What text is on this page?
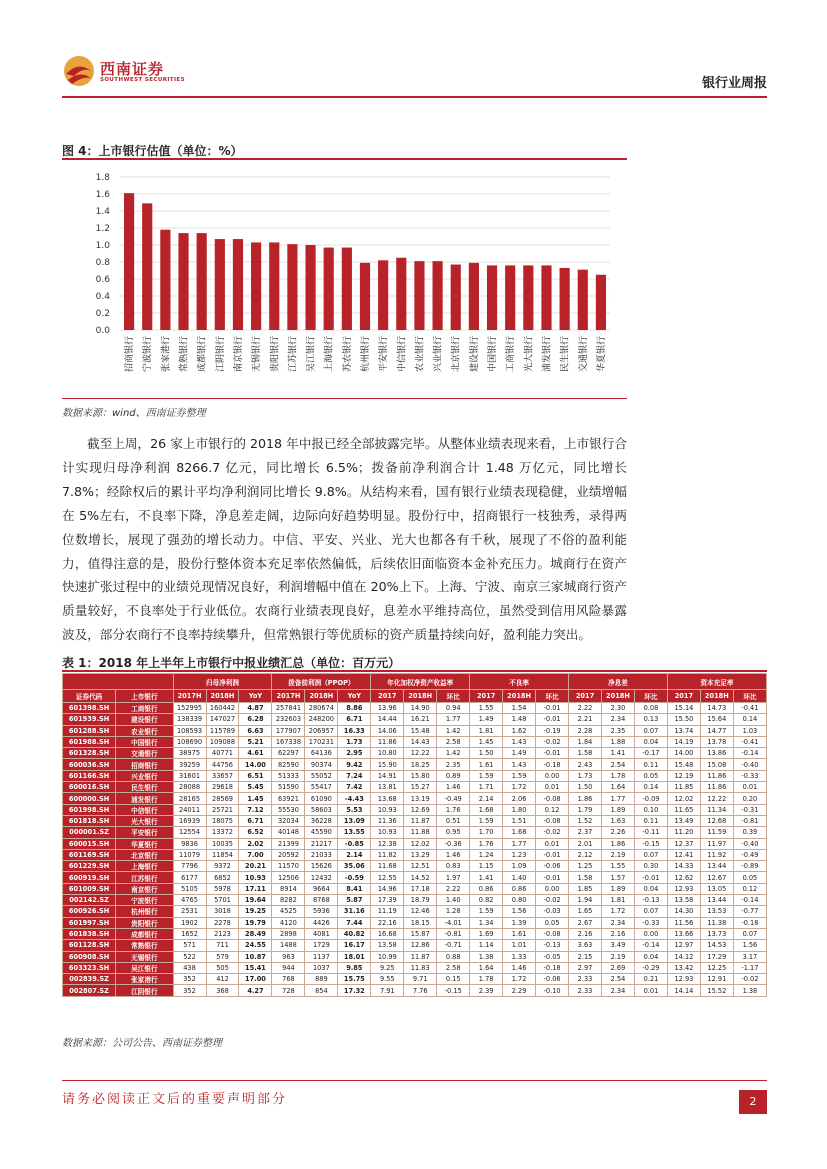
西南证券
SOUTHWEST SECURITIES	银行业周报
图 4：上市银行估值（单位：%）
0.0
0.2
0.4
0.6
0.8
1.0
1.2
1.4
1.6
1.8
招商银行 宁波银行 张家港行 常熟银行 成都银行 江阴银行 南京银行 无锡银行 贵阳银行 江苏银行 吴江银行 上海银行 苏农银行 杭州银行 平安银行 中信银行 农业银行 兴业银行 北京银行 建设银行 中国银行 工商银行 光大银行 浦发银行 民生银行 交通银行 华夏银行
数据来源：wind、西南证券整理

截至上周，26 家上市银行的 2018 年中报已经全部披露完毕。从整体业绩表现来看，上市银行合计实现归母净利润 8266.7 亿元，同比增长 6.5%；拨备前净利润合计 1.48 万亿元，同比增长 7.8%；经除权后的累计平均净利润同比增长 9.8%。从结构来看，国有银行业绩表现稳健，业绩增幅在 5%左右，不良率下降，净息差走阔，边际向好趋势明显。股份行中，招商银行一枝独秀，录得两位数增长，展现了强劲的增长动力。中信、平安、兴业、光大也都各有千秋，展现了不俗的盈利能力，值得注意的是，股份行整体资本充足率依然偏低，后续依旧面临资本金补充压力。城商行在资产快速扩张过程中的业绩兑现情况良好，利润增幅中值在 20%上下。上海、宁波、南京三家城商行资产质量较好，不良率处于行业低位。农商行业绩表现良好，息差水平维持高位，虽然受到信用风险暴露波及，部分农商行不良率持续攀升，但常熟银行等优质标的资产质量持续向好，盈利能力突出。

表 1：2018 年上半年上市银行中报业绩汇总（单位：百万元）
		归母净利润			拨备前利润（PPOP）			年化加权净资产收益率			不良率			净息差			资本充足率		
证券代码	上市银行	2017H	2018H	YoY	2017H	2018H	YoY	2017	2018H	环比	2017	2018H	环比	2017	2018H	环比	2017	2018H	环比
601398.SH	工商银行	152995	160442	4.87	257841	280674	8.86	13.96	14.90	0.94	1.55	1.54	-0.01	2.22	2.30	0.08	15.14	14.73	-0.41
601939.SH	建设银行	138339	147027	6.28	232603	248200	6.71	14.44	16.21	1.77	1.49	1.48	-0.01	2.21	2.34	0.13	15.50	15.64	0.14
601288.SH	农业银行	108593	115789	6.63	177907	206957	16.33	14.06	15.48	1.42	1.81	1.62	-0.19	2.28	2.35	0.07	13.74	14.77	1.03
601988.SH	中国银行	108690	109088	5.21	167338	170231	1.73	11.86	14.43	2.58	1.45	1.43	-0.02	1.84	1.88	0.04	14.19	13.78	-0.41
601328.SH	交通银行	38975	40771	4.61	62297	64136	2.95	10.80	12.22	1.42	1.50	1.49	-0.01	1.58	1.41	-0.17	14.00	13.86	-0.14
600036.SH	招商银行	39259	44756	14.00	82590	90374	9.42	15.90	18.25	2.35	1.61	1.43	-0.18	2.43	2.54	0.11	15.48	15.08	-0.40
601166.SH	兴业银行	31601	33657	6.51	51333	55052	7.24	14.91	15.80	0.89	1.59	1.59	0.00	1.73	1.78	0.05	12.19	11.86	-0.33
600016.SH	民生银行	28088	29618	5.45	51590	55417	7.42	13.81	15.27	1.46	1.71	1.72	0.01	1.50	1.64	0.14	11.85	11.86	0.01
600000.SH	浦发银行	28165	28569	1.45	63921	61090	-4.43	13.68	13.19	-0.49	2.14	2.06	-0.08	1.86	1.77	-0.09	12.02	12.22	0.20
601998.SH	中信银行	24011	25721	7.12	55530	58603	5.53	10.93	12.69	1.76	1.68	1.80	0.12	1.79	1.89	0.10	11.65	11.34	-0.31
601818.SH	光大银行	16939	18075	6.71	32034	36228	13.09	11.36	11.87	0.51	1.59	1.51	-0.08	1.52	1.63	0.11	13.49	12.68	-0.81
000001.SZ	平安银行	12554	13372	6.52	40148	45590	13.55	10.93	11.88	0.95	1.70	1.68	-0.02	2.37	2.26	-0.11	11.20	11.59	0.39
600015.SH	华夏银行	9836	10035	2.02	21399	21217	-0.85	12.38	12.02	-0.36	1.76	1.77	0.01	2.01	1.86	-0.15	12.37	11.97	-0.40
601169.SH	北京银行	11079	11854	7.00	20592	21033	2.14	11.82	13.29	1.46	1.24	1.23	-0.01	2.12	2.19	0.07	12.41	11.92	-0.49
601229.SH	上海银行	7796	9372	20.21	11570	15626	35.06	11.68	12.51	0.83	1.15	1.09	-0.06	1.25	1.55	0.30	14.33	13.44	-0.89
600919.SH	江苏银行	6177	6852	10.93	12506	12432	-0.59	12.55	14.52	1.97	1.41	1.40	-0.01	1.58	1.57	-0.01	12.62	12.67	0.05
601009.SH	南京银行	5105	5978	17.11	8914	9664	8.41	14.96	17.18	2.22	0.86	0.86	0.00	1.85	1.89	0.04	12.93	13.05	0.12
002142.SZ	宁波银行	4765	5701	19.64	8282	8768	5.87	17.39	18.79	1.40	0.82	0.80	-0.02	1.94	1.81	-0.13	13.58	13.44	-0.14
600926.SH	杭州银行	2531	3018	19.25	4525	5936	31.16	11.19	12.46	1.28	1.59	1.56	-0.03	1.65	1.72	0.07	14.30	13.53	-0.77
601997.SH	贵阳银行	1902	2278	19.79	4120	4426	7.44	22.16	18.15	-4.01	1.34	1.39	0.05	2.67	2.34	-0.33	11.56	11.38	-0.18
601838.SH	成都银行	1652	2123	28.49	2898	4081	40.82	16.68	15.87	-0.81	1.69	1.61	-0.08	2.16	2.16	0.00	13.66	13.73	0.07
601128.SH	常熟银行	571	711	24.55	1488	1729	16.17	13.58	12.86	-0.71	1.14	1.01	-0.13	3.63	3.49	-0.14	12.97	14.53	1.56
600908.SH	无锡银行	522	579	10.87	963	1137	18.01	10.99	11.87	0.88	1.38	1.33	-0.05	2.15	2.19	0.04	14.12	17.29	3.17
603323.SH	吴江银行	438	505	15.41	944	1037	9.85	9.25	11.83	2.58	1.64	1.46	-0.18	2.97	2.69	-0.29	13.42	12.25	-1.17
002839.SZ	张家港行	352	412	17.00	768	889	15.75	9.55	9.71	0.15	1.78	1.72	-0.06	2.33	2.54	0.21	12.93	12.91	-0.02
002807.SZ	江阴银行	352	368	4.27	728	854	17.32	7.91	7.76	-0.15	2.39	2.29	-0.10	2.33	2.34	0.01	14.14	15.52	1.38
数据来源：公司公告、西南证券整理
请务必阅读正文后的重要声明部分	2
